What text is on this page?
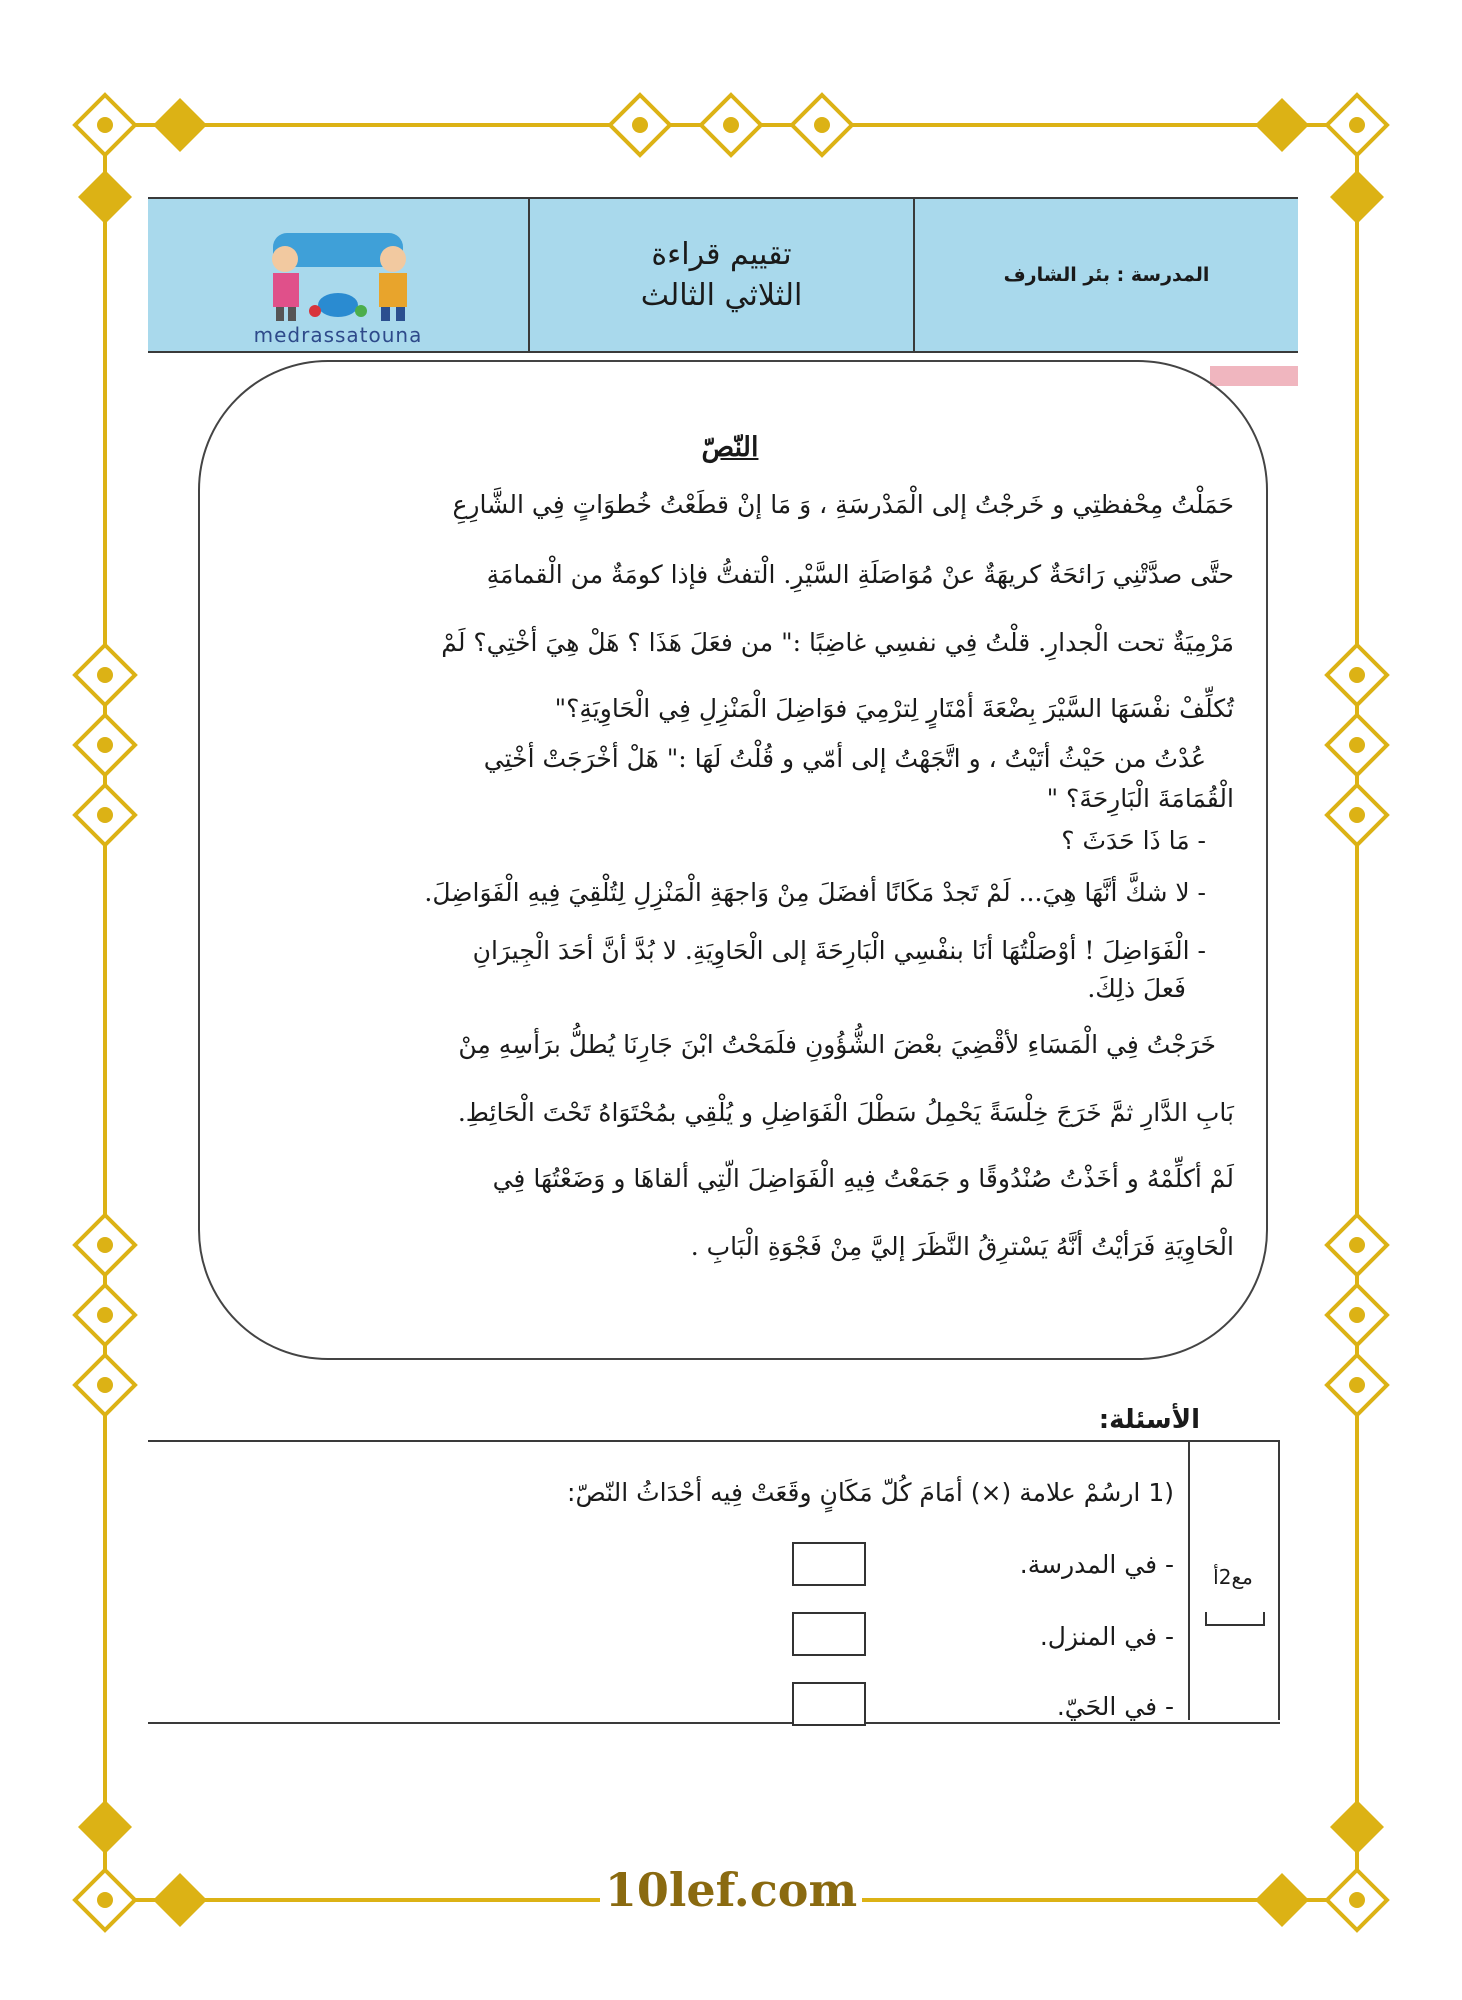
medrassatouna
تقييم قراءة
الثلاثي الثالث
المدرسة : بئر الشارف
النّصّ
حَمَلْتُ مِحْفظتِي و خَرجْتُ إلى الْمَدْرسَةِ ، وَ مَا إنْ قطَعْتُ خُطوَاتٍ فِي الشَّارِعِ
حتَّى صدَّتْنِي رَائحَةٌ كريهَةٌ عنْ مُوَاصَلَةِ السَّيْرِ. الْتفتُّ فإذا كومَةٌ من الْقمامَةِ
مَرْمِيَةٌ تحت الْجدارِ. قلْتُ فِي نفسِي غاضِبًا :" من فعَلَ هَذَا ؟ هَلْ هِيَ أخْتِي؟ لَمْ
تُكلِّفْ نفْسَهَا السَّيْرَ بِضْعَةَ أمْتَارٍ لِترْمِيَ فوَاضِلَ الْمَنْزِلِ فِي الْحَاوِيَةِ؟"
عُدْتُ من حَيْثُ أتَيْتُ ، و اتَّجَهْتُ إلى أمّي و قُلْتُ لَهَا :" هَلْ أخْرَجَتْ أخْتِي
الْقُمَامَةَ الْبَارِحَةَ؟ "
- مَا ذَا حَدَثَ ؟
- لا شكَّ أنَّهَا هِيَ... لَمْ تَجدْ مَكَانًا أفضَلَ مِنْ وَاجهَةِ الْمَنْزِلِ لِتُلْقِيَ فِيهِ الْفَوَاضِلَ.
- الْفَوَاضِلَ ! أوْصَلْتُهَا أنَا بنفْسِي الْبَارِحَةَ إلى الْحَاوِيَةِ. لا بُدَّ أنَّ أحَدَ الْجِيرَانِ
فَعلَ ذلِكَ.
خَرَجْتُ فِي الْمَسَاءِ لأقْضِيَ بعْضَ الشُّؤُونِ فلَمَحْتُ ابْنَ جَارِنَا يُطلُّ برَأسِهِ مِنْ
بَابِ الدَّارِ ثمَّ خَرَجَ خِلْسَةً يَحْمِلُ سَطْلَ الْفَوَاضِلِ و يُلْقِي بمُحْتَوَاهُ تَحْتَ الْحَائِطِ.
لَمْ أكلِّمْهُ و أخَذْتُ صُنْدُوقًا و جَمَعْتُ فِيهِ الْفَوَاضِلَ الّتِي ألقاهَا و وَضَعْتُهَا فِي
الْحَاوِيَةِ فَرَأيْتُ أنَّهُ يَسْترِقُ النَّظَرَ إليَّ مِنْ فَجْوَةِ الْبَابِ .
الأسئلة:
مع2أ
(1 ارسُمْ علامة (×) أمَامَ كُلّ مَكَانٍ وقَعَتْ فِيه أحْدَاثُ النّصّ:
- في المدرسة.
- في المنزل.
- في الحَيّ.
10lef.com
